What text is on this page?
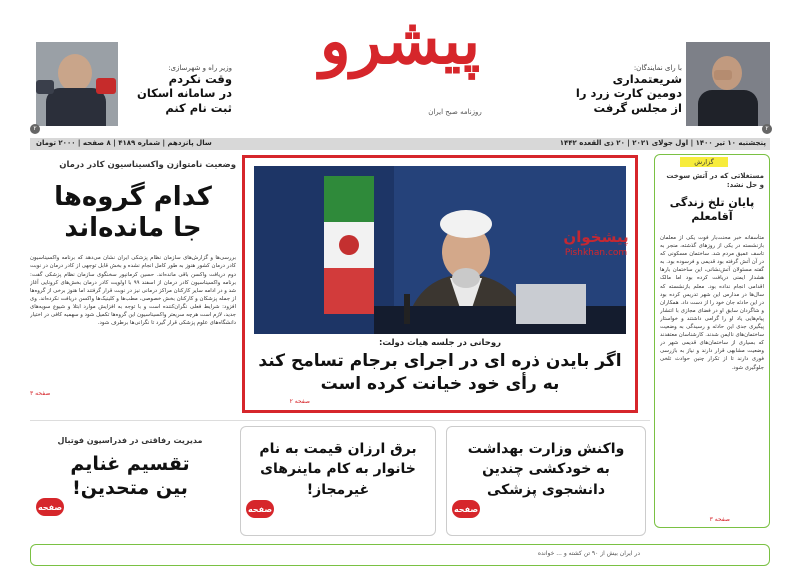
۲
وزیر راه و شهرسازی:
وقت نکردم
در سامانه اسکان
ثبت نام کنم
پیشرو
روزنامه صبح ایران
با رای نمایندگان:
شریعتمداری
دومین کارت زرد را
از مجلس گرفت
۲
پنجشنبه ۱۰ تیر ۱۴۰۰ | اول جولای ۲۰۲۱ | ۲۰ ذی القعده ۱۴۴۲
سال پانزدهم | شماره ۴۱۸۹ | ۸ صفحه | ۲۰۰۰ تومان
وضعیت نامتوازن واکسیناسیون کادر درمان
کدام گروه‌ها
جا مانده‌اند
بررسی‌ها و گزارش‌های سازمان نظام پزشکی ایران نشان می‌دهد که برنامه واکسیناسیون کادر درمان کشور هنوز به طور کامل انجام نشده و بخش قابل توجهی از کادر درمان در نوبت دوم دریافت واکسن باقی مانده‌اند. حسین کرمانپور سخنگوی سازمان نظام پزشکی گفت: برنامه واکسیناسیون کادر درمان از اسفند ۹۹ با اولویت کادر درمان بخش‌های کرونایی آغاز شد و در ادامه سایر کارکنان مراکز درمانی نیز در نوبت قرار گرفتند اما هنوز برخی از گروه‌ها از جمله پزشکان و کارکنان بخش خصوصی، مطب‌ها و کلینیک‌ها واکسن دریافت نکرده‌اند. وی افزود: شرایط فعلی نگران‌کننده است و با توجه به افزایش موارد ابتلا و شیوع سویه‌های جدید، لازم است هرچه سریعتر واکسیناسیون این گروه‌ها تکمیل شود و سهمیه کافی در اختیار دانشگاه‌های علوم پزشکی قرار گیرد تا نگرانی‌ها برطرف شود.
صفحه ۳
پیشخوان
Pishkhan.com
روحانی در جلسه هیات دولت:
اگر بایدن ذره ای در اجرای برجام تسامح کند
به رأی خود خیانت کرده است
صفحه ۲
گزارش
مستغلاتی که در آتش سوخت و حل نشد:
پایان تلخ زندگی
آقامعلم
متأسفانه خبر محنت‌بار فوت یکی از معلمان بازنشسته در یکی از روزهای گذشته، منجر به تاسف عمیق مردم شد. ساختمان مسکونی که در آن آتش گرفته بود قدیمی و فرسوده بود. به گفته مسئولان آتش‌نشانی، این ساختمان بارها هشدار ایمنی دریافت کرده بود اما مالک اقدامی انجام نداده بود. معلم بازنشسته که سال‌ها در مدارس این شهر تدریس کرده بود در این حادثه جان خود را از دست داد. همکاران و شاگردان سابق او در فضای مجازی با انتشار پیام‌هایی یاد او را گرامی داشتند و خواستار پیگیری جدی این حادثه و رسیدگی به وضعیت ساختمان‌های ناایمن شدند. کارشناسان معتقدند که بسیاری از ساختمان‌های قدیمی شهر در وضعیت مشابهی قرار دارند و نیاز به بازرسی فوری دارند تا از تکرار چنین حوادث تلخی جلوگیری شود.
صفحه ۳
مدیریت رفاقتی در فدراسیون فوتبال
تقسیم غنایم
بین متحدین!
صفحه
برق ارزان قیمت به نام
خانوار به کام ماینرهای
غیرمجاز!
صفحه
واکنش وزارت بهداشت
به خودکشی چندین
دانشجوی پزشکی
صفحه
در ایران بیش از ۹۰ تن کشته و ... خوانده
